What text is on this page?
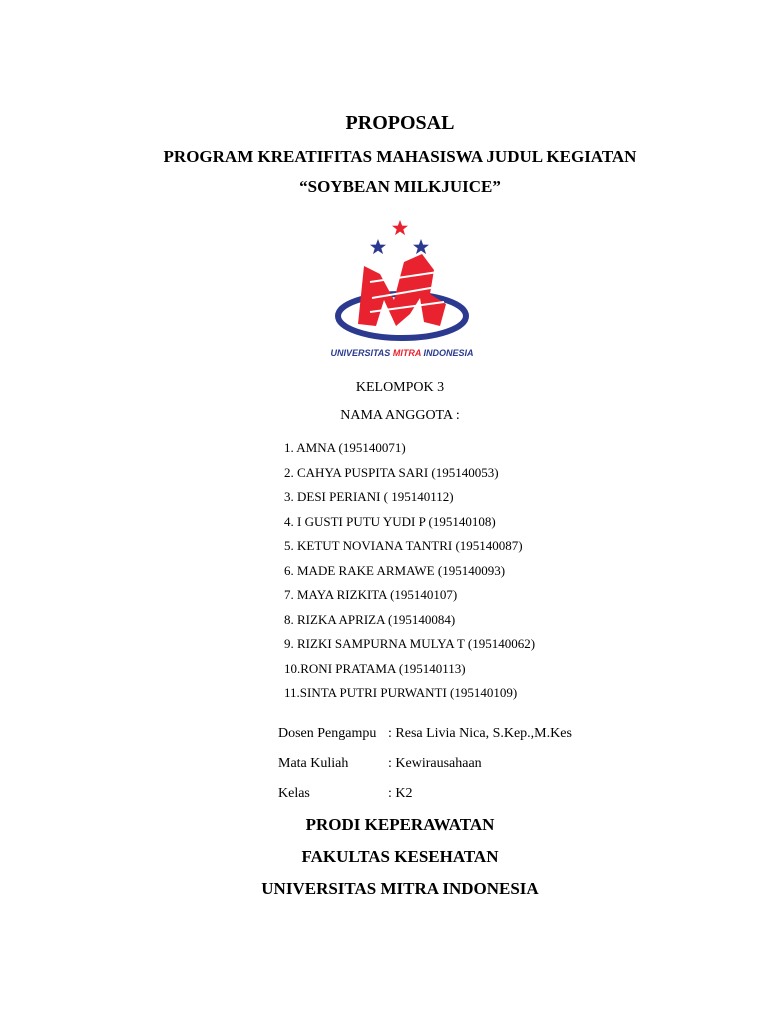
PROPOSAL
PROGRAM KREATIFITAS MAHASISWA JUDUL KEGIATAN
“SOYBEAN MILKJUICE”
UNIVERSITAS MITRA INDONESIA
KELOMPOK 3
NAMA ANGGOTA :
1. AMNA (195140071)
2. CAHYA PUSPITA SARI (195140053)
3. DESI PERIANI ( 195140112)
4. I GUSTI PUTU YUDI P (195140108)
5. KETUT NOVIANA TANTRI (195140087)
6. MADE RAKE ARMAWE (195140093)
7. MAYA RIZKITA (195140107)
8. RIZKA APRIZA (195140084)
9. RIZKI SAMPURNA MULYA T (195140062)
10.RONI PRATAMA (195140113)
11.SINTA PUTRI PURWANTI (195140109)
Dosen Pengampu : Resa Livia Nica, S.Kep.,M.Kes
Mata Kuliah	: Kewirausahaan
Kelas	: K2
PRODI KEPERAWATAN
FAKULTAS KESEHATAN
UNIVERSITAS MITRA INDONESIA
